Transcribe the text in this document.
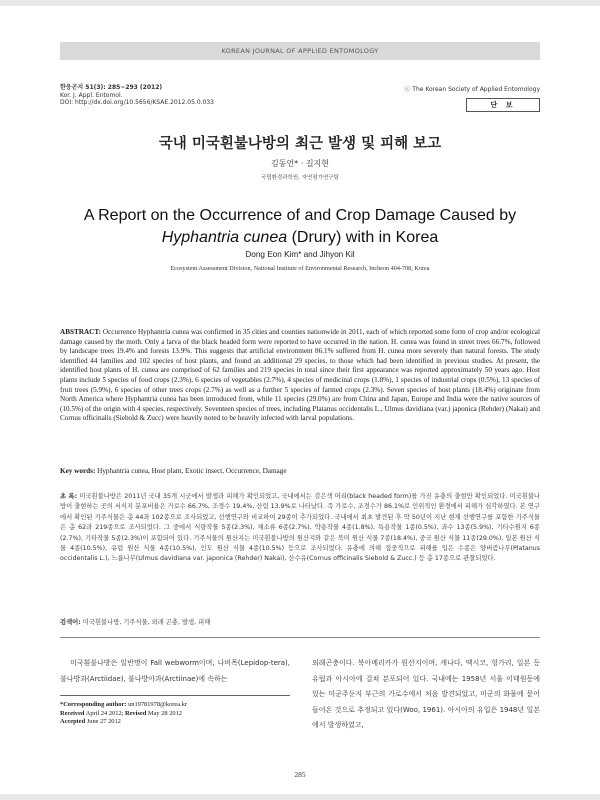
KOREAN JOURNAL OF APPLIED ENTOMOLOGY
한응곤지 51(3): 285~293 (2012)
Kor. J. Appl. Entomol.
DOI: http://dx.doi.org/10.5656/KSAE.2012.05.0.033
ⓒ The Korean Society of Applied Entomology
단 보
국내 미국흰불나방의 최근 발생 및 피해 보고
김동언* · 길지현
국립환경과학원, 자연평가연구팀
A Report on the Occurrence of and Crop Damage Caused by
Hyphantria cunea (Drury) with in Korea
Dong Eon Kim* and Jihyon Kil
Ecosystem Assessment Division, National Institute of Environmental Research, Incheon 404-708, Korea
ABSTRACT: Occurrence Hyphantria cunea was confirmed in 35 cities and counties nationwide in 2011, each of which reported some form of crop and/or ecological damage caused by the moth. Only a larva of the black headed form were reported to have occurred in the nation. H. cunea was found in street trees 66.7%, followed by landscape trees 19.4% and forests 13.9%. This suggests that artificial environment 86.1% suffered from H. cunea more severely than natural forests. The study identified 44 families and 102 species of host plants, and found an additional 29 species, to those which had been identified in previous studies. At present, the identified host plants of H. cunea are comprised of 62 families and 219 species in total since their first appearance was reported approximately 50 years ago. Host plants include 5 species of food crops (2.3%), 6 species of vegetables (2.7%), 4 species of medicinal crops (1.8%), 1 species of industrial crops (0.5%), 13 species of fruit trees (5.9%), 6 species of other trees crops (2.7%) as well as a further 5 species of farmed crops (2.3%). Seven species of host plants (18.4%) originate from North America where Hyphantria cunea has been introduced from, while 11 species (29.0%) are from China and Japan, Europe and India were the native sources of (10.5%) of the origin with 4 species, respectively. Seventeen species of trees, including Platanus occidentalis L., Ulmus davidiana (var.) japonica (Rehder) (Nakai) and Cornus officinalis (Siebold & Zucc) were heavily noted to be heavily infected with larval populations.
Key words: Hyphantria cunea, Host plant, Exotic insect, Occurrence, Damage
초 록: 미국흰불나방은 2011년 국내 35개 시군에서 발생과 피해가 확인되었고, 국내에서는 검은색 머리(black headed form)를 가진 유충의 출현만 확인되었다. 미국흰불나방이 출현하는 곳의 서식지 분포비율은 가로수 66.7%, 조경수 19.4%, 산림 13.9%로 나타났다. 즉 가로수, 조경수가 86.1%로 인위적인 환경에서 피해가 심각하였다. 본 연구에서 확인된 기주식물은 총 44과 102종으로 조사되었고, 선행연구와 비교하여 29종이 추가되었다. 국내에서 최초 발견된 후 약 50년이 지난 현재 선행연구를 포함한 기주식물은 총 62과 219종으로 조사되었다. 그 중에서 식량작물 5종(2.3%), 채소류 6종(2.7%), 약용작물 4종(1.8%), 특용작물 1종(0.5%), 과수 13종(5.9%), 기타수원지 6종(2.7%), 기타작물 5종(2.3%)이 포함되어 있다. 기주식물의 원산지는 미국흰불나방의 원산지와 같은 북미 원산 식물 7종(18.4%), 중국 원산 식물 11종(29.0%), 일본 원산 식물 4종(10.5%), 유럽 원산 식물 4종(10.5%), 인도 원산 식물 4종(10.5%) 등으로 조사되었다. 유충에 의해 집중적으로 피해를 입은 수종은 양버즘나무(Platanus occidentalis L.), 느릅나무(Ulmus davidiana var. japonica (Rehder) Nakai), 산수유(Cornus officinalis Siebold & Zucc.) 등 총 17종으로 관찰되었다.
검색어: 미국흰불나방, 기주식물, 외래 곤충, 발생, 피해
미국흰불나방은 일반명이 Fall webworm이며, 나비목(Lepidop-tera), 불나방과(Arctiidae), 불나방아과(Arctiinae)에 속하는
*Corresponding author: un19781978@korea.kr
Received April 24 2012; Revised May 28 2012
Accepted June 27 2012
외래곤충이다. 북아메리카가 원산지이며, 캐나다, 멕시코, 헝가리, 일본 등 유럽과 아시아에 걸쳐 분포되어 있다. 국내에는 1958년 서울 이태원동에 있는 미군주둔지 부근의 가로수에서 처음 발견되었고, 미군의 화물에 묻어 들어온 것으로 추정되고 있다(Woo, 1961). 아시아의 유입은 1948년 일본에서 발생하였고,
285
